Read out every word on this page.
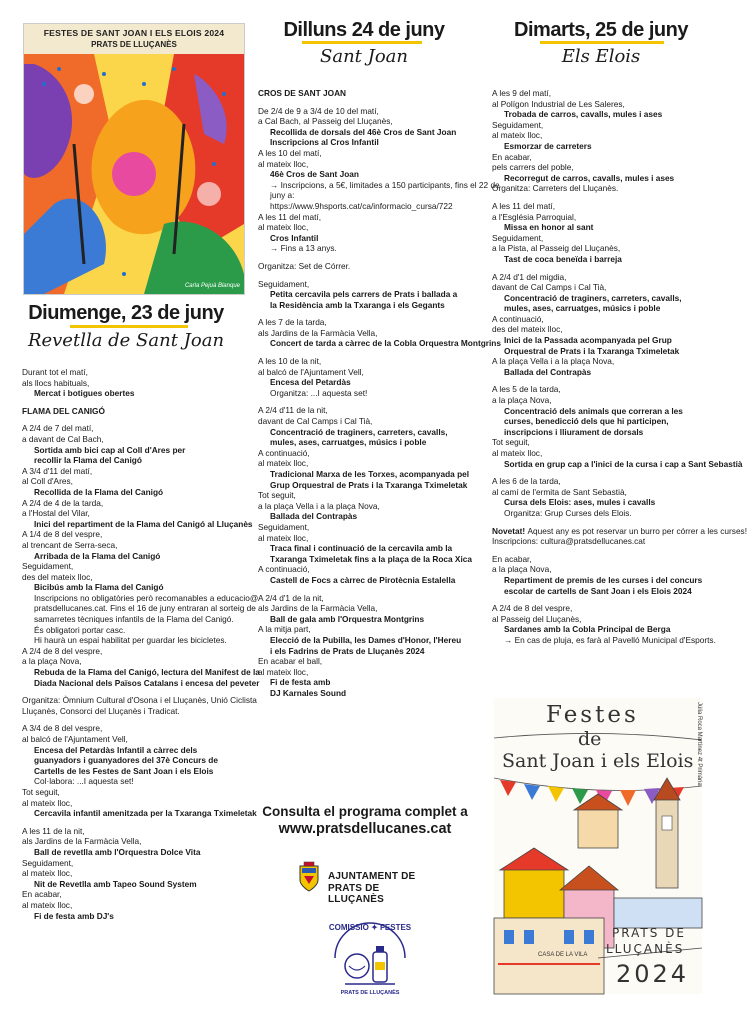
FESTES DE SANT JOAN I ELS ELOIS 2024
PRATS DE LLUÇANÈS
Carla Pejuà Blanque
Diumenge, 23 de juny
Revetlla de Sant Joan
Durant tot el matí,
als llocs habituals,
Mercat i botigues obertes
FLAMA DEL CANIGÓ
A 2/4 de 7 del matí,
a davant de Cal Bach,
Sortida amb bici cap al Coll d'Ares per
recollir la Flama del Canigó
A 3/4 d'11 del matí,
al Coll d'Ares,
Recollida de la Flama del Canigó
A 2/4 de 4 de la tarda,
a l'Hostal del Vilar,
Inici del repartiment de la Flama del Canigó al Lluçanès
A 1/4 de 8 del vespre,
al trencant de Serra-seca,
Arribada de la Flama del Canigó
Seguidament,
des del mateix lloc,
Bicibús amb la Flama del Canigó
Inscripcions no obligatòries però recomanables a educacio@
pratsdellucanes.cat. Fins el 16 de juny entraran al sorteig de
samarretes tècniques infantils de la Flama del Canigó.
És obligatori portar casc.
Hi haurà un espai habilitat per guardar les bicicletes.
A 2/4 de 8 del vespre,
a la plaça Nova,
Rebuda de la Flama del Canigó, lectura del Manifest de la
Diada Nacional dels Països Catalans i encesa del peveter
Organitza: Òmnium Cultural d'Osona i el Lluçanès, Unió Ciclista
Lluçanès, Consorci del Lluçanès i Tradicat.
A 3/4 de 8 del vespre,
al balcó de l'Ajuntament Vell,
Encesa del Petardàs Infantil a càrrec dels
guanyadors i guanyadores del 37è Concurs de
Cartells de les Festes de Sant Joan i els Elois
Col·labora: ...I aquesta set!
Tot seguit,
al mateix lloc,
Cercavila infantil amenitzada per la Txaranga Tximeletak
A les 11 de la nit,
als Jardins de la Farmàcia Vella,
Ball de revetlla amb l'Orquestra Dolce Vita
Seguidament,
al mateix lloc,
Nit de Revetlla amb Tapeo Sound System
En acabar,
al mateix lloc,
Fi de festa amb DJ's
Dilluns 24 de juny
Sant Joan
CROS DE SANT JOAN
De 2/4 de 9 a 3/4 de 10 del matí,
a Cal Bach, al Passeig del Lluçanès,
Recollida de dorsals del 46è Cros de Sant Joan
Inscripcions al Cros Infantil
A les 10 del matí,
al mateix lloc,
46è Cros de Sant Joan
→ Inscripcions, a 5€, limitades a 150 participants, fins el 22 de
juny a:
https://www.9hsports.cat/ca/informacio_cursa/722
A les 11 del matí,
al mateix lloc,
Cros Infantil
→ Fins a 13 anys.
Organitza: Set de Córrer.
Seguidament,
Petita cercavila pels carrers de Prats i ballada a
la Residència amb la Txaranga i els Gegants
A les 7 de la tarda,
als Jardins de la Farmàcia Vella,
Concert de tarda a càrrec de la Cobla Orquestra Montgrins
A les 10 de la nit,
al balcó de l'Ajuntament Vell,
Encesa del Petardàs
Organitza: ...I aquesta set!
A 2/4 d'11 de la nit,
davant de Cal Camps i Cal Tià,
Concentració de traginers, carreters, cavalls,
mules, ases, carruatges, músics i poble
A continuació,
al mateix lloc,
Tradicional Marxa de les Torxes, acompanyada pel
Grup Orquestral de Prats i la Txaranga Tximeletak
Tot seguit,
a la plaça Vella i a la plaça Nova,
Ballada del Contrapàs
Seguidament,
al mateix lloc,
Traca final i continuació de la cercavila amb la
Txaranga Tximeletak fins a la plaça de la Roca Xica
A continuació,
Castell de Focs a càrrec de Pirotècnia Estalella
A 2/4 d'1 de la nit,
als Jardins de la Farmàcia Vella,
Ball de gala amb l'Orquestra Montgrins
A la mitja part,
Elecció de la Pubilla, les Dames d'Honor, l'Hereu
i els Fadrins de Prats de Lluçanès 2024
En acabar el ball,
al mateix lloc,
Fi de festa amb
DJ Karnales Sound
Dimarts, 25 de juny
Els Elois
A les 9 del matí,
al Polígon Industrial de Les Saleres,
Trobada de carros, cavalls, mules i ases
Seguidament,
al mateix lloc,
Esmorzar de carreters
En acabar,
pels carrers del poble,
Recorregut de carros, cavalls, mules i ases
Organitza: Carreters del Lluçanès.
A les 11 del matí,
a l'Església Parroquial,
Missa en honor al sant
Seguidament,
a la Pista, al Passeig del Lluçanès,
Tast de coca beneïda i barreja
A 2/4 d'1 del migdia,
davant de Cal Camps i Cal Tià,
Concentració de traginers, carreters, cavalls,
mules, ases, carruatges, músics i poble
A continuació,
des del mateix lloc,
Inici de la Passada acompanyada pel Grup
Orquestral de Prats i la Txaranga Tximeletak
A la plaça Vella i a la plaça Nova,
Ballada del Contrapàs
A les 5 de la tarda,
a la plaça Nova,
Concentració dels animals que correran a les
curses, benedicció dels que hi participen,
inscripcions i lliurament de dorsals
Tot seguit,
al mateix lloc,
Sortida en grup cap a l'inici de la cursa i cap a Sant Sebastià
A les 6 de la tarda,
al camí de l'ermita de Sant Sebastià,
Cursa dels Elois: ases, mules i cavalls
Organitza: Grup Curses dels Elois.
Novetat! Aquest any es pot reservar un burro per córrer a les curses!
Inscripcions: cultura@pratsdellucanes.cat
En acabar,
a la plaça Nova,
Repartiment de premis de les curses i del concurs
escolar de cartells de Sant Joan i els Elois 2024
A 2/4 de 8 del vespre,
al Passeig del Lluçanès,
Sardanes amb la Cobla Principal de Berga
→ En cas de pluja, es farà al Pavelló Municipal d'Esports.
Consulta el programa complet a
www.pratsdellucanes.cat
AJUNTAMENT DE
PRATS DE LLUÇANÈS
COMISSIÓ ✦ FESTES
PRATS DE LLUÇANÈS
Festes
de
Sant Joan i els Elois
CASA DE LA VILA
PRATS DE
LLUÇANÈS
2024
Júlia Roca Martínez 4t Primària
